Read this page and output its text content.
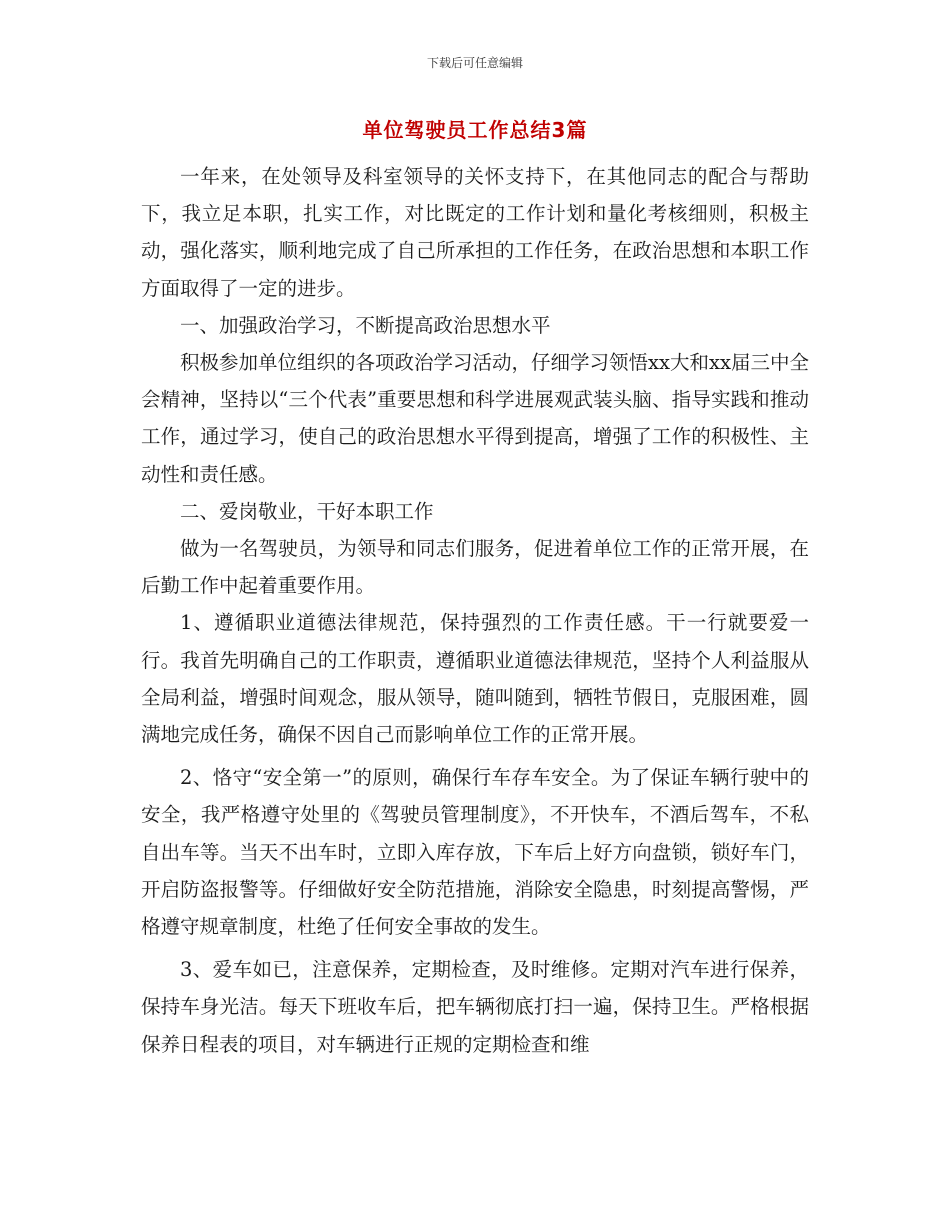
下载后可任意编辑
单位驾驶员工作总结3篇

一年来，在处领导及科室领导的关怀支持下，在其他同志的配合与帮助下，我立足本职，扎实工作，对比既定的工作计划和量化考核细则，积极主动，强化落实，顺利地完成了自己所承担的工作任务，在政治思想和本职工作方面取得了一定的进步。

一、加强政治学习，不断提高政治思想水平

积极参加单位组织的各项政治学习活动，仔细学习领悟xx大和xx届三中全会精神，坚持以“三个代表”重要思想和科学进展观武装头脑、指导实践和推动工作，通过学习，使自己的政治思想水平得到提高，增强了工作的积极性、主动性和责任感。

二、爱岗敬业，干好本职工作

做为一名驾驶员，为领导和同志们服务，促进着单位工作的正常开展，在后勤工作中起着重要作用。

1、遵循职业道德法律规范，保持强烈的工作责任感。干一行就要爱一行。我首先明确自己的工作职责，遵循职业道德法律规范，坚持个人利益服从全局利益，增强时间观念，服从领导，随叫随到，牺牲节假日，克服困难，圆满地完成任务，确保不因自己而影响单位工作的正常开展。

2、恪守“安全第一”的原则，确保行车存车安全。为了保证车辆行驶中的安全，我严格遵守处里的《驾驶员管理制度》，不开快车，不酒后驾车，不私自出车等。当天不出车时，立即入库存放，下车后上好方向盘锁，锁好车门，开启防盗报警等。仔细做好安全防范措施，消除安全隐患，时刻提高警惕，严格遵守规章制度，杜绝了任何安全事故的发生。

3、爱车如已，注意保养，定期检查，及时维修。定期对汽车进行保养，保持车身光洁。每天下班收车后，把车辆彻底打扫一遍，保持卫生。严格根据保养日程表的项目，对车辆进行正规的定期检查和维
